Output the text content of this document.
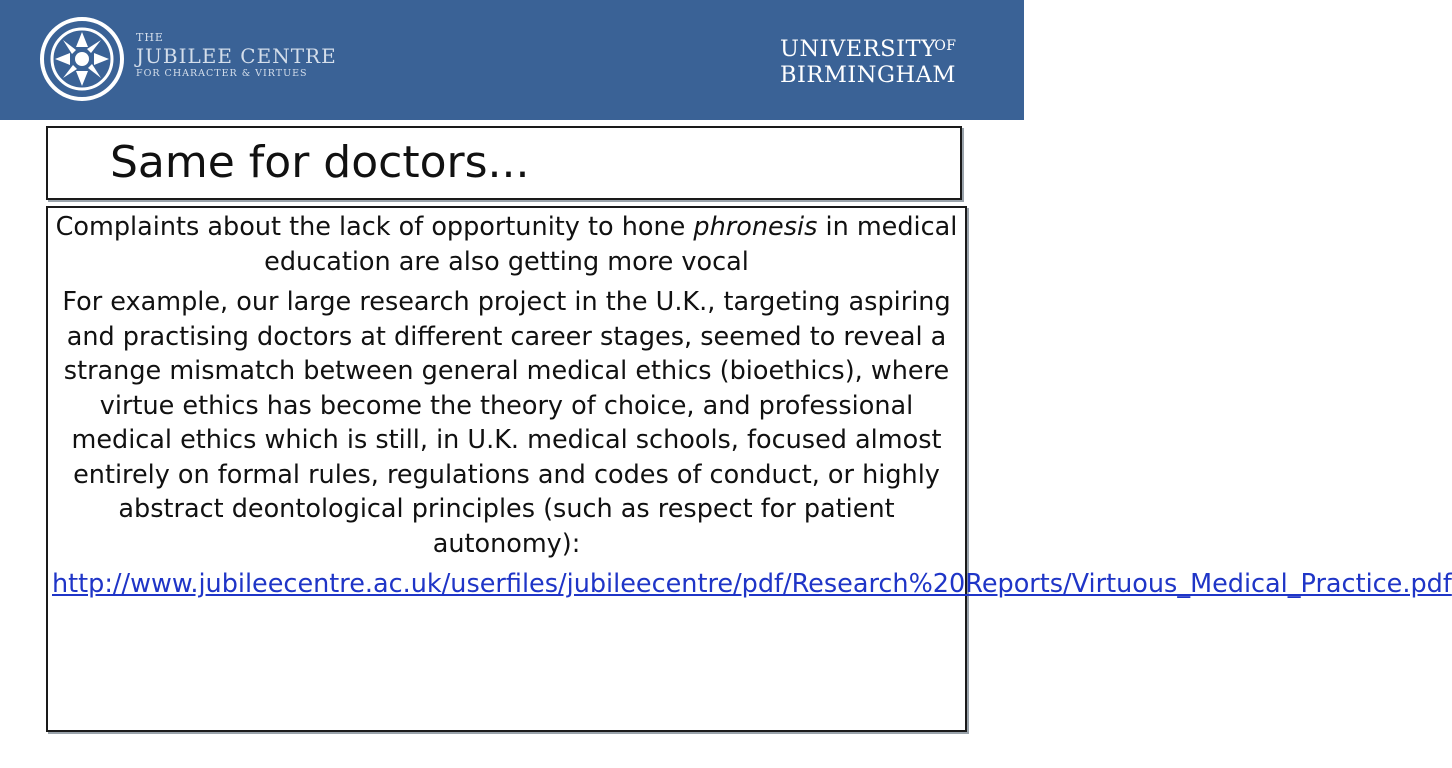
THE
JUBILEE CENTRE
FOR CHARACTER & VIRTUES
$UNIVERSITY^{OF}$
BIRMINGHAM
Same for doctors...

Complaints about the lack of opportunity to hone phronesis in medical education are also getting more vocal

For example, our large research project in the U.K., targeting aspiring and practising doctors at different career stages, seemed to reveal a strange mismatch between general medical ethics (bioethics), where virtue ethics has become the theory of choice, and professional medical ethics which is still, in U.K. medical schools, focused almost entirely on formal rules, regulations and codes of conduct, or highly abstract deontological principles (such as respect for patient autonomy):

http://www.jubileecentre.ac.uk/userfiles/jubileecentre/pdf/Research%20Reports/Virtuous_Medical_Practice.pdf
